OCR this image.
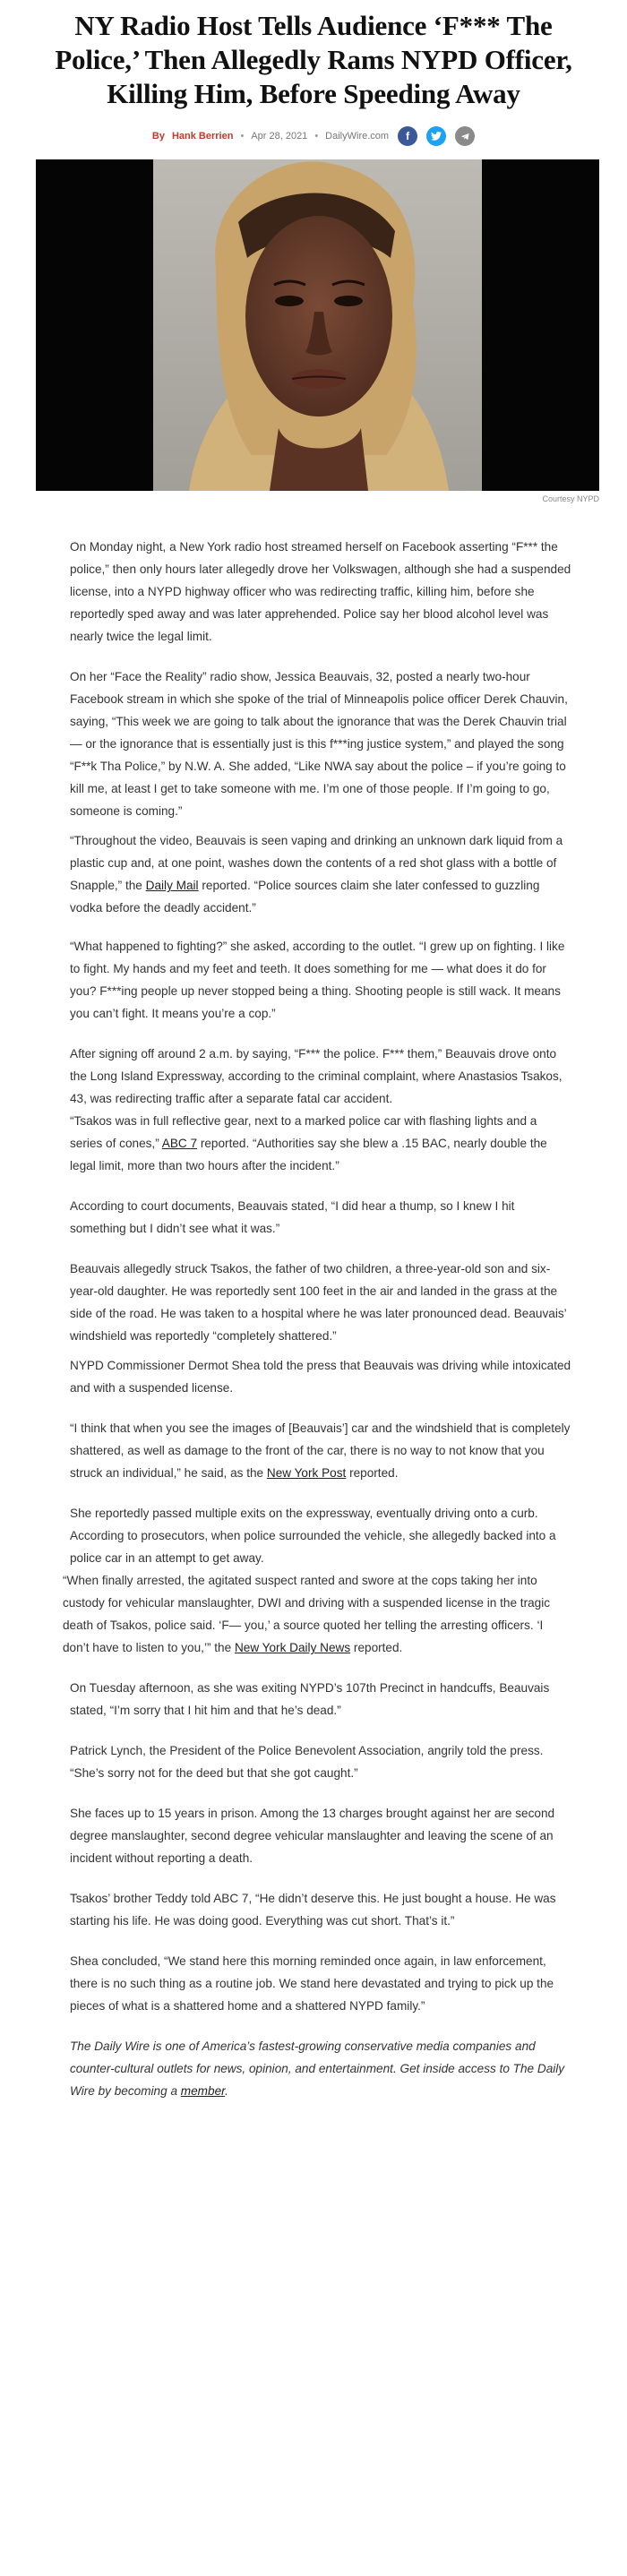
NY Radio Host Tells Audience ‘F*** The Police,’ Then Allegedly Rams NYPD Officer, Killing Him, Before Speeding Away
By Hank Berrien • Apr 28, 2021 • DailyWire.com	f
Courtesy NYPD

On Monday night, a New York radio host streamed herself on Facebook asserting “F*** the police,” then only hours later allegedly drove her Volkswagen, although she had a suspended license, into a NYPD highway officer who was redirecting traffic, killing him, before she reportedly sped away and was later apprehended. Police say her blood alcohol level was nearly twice the legal limit.

On her “Face the Reality” radio show, Jessica Beauvais, 32, posted a nearly two-hour Facebook stream in which she spoke of the trial of Minneapolis police officer Derek Chauvin, saying, “This week we are going to talk about the ignorance that was the Derek Chauvin trial — or the ignorance that is essentially just is this f***ing justice system,” and played the song “F**k Tha Police,” by N.W. A. She added, “Like NWA say about the police – if you’re going to kill me, at least I get to take someone with me. I’m one of those people. If I’m going to go, someone is coming.”

“Throughout the video, Beauvais is seen vaping and drinking an unknown dark liquid from a plastic cup and, at one point, washes down the contents of a red shot glass with a bottle of Snapple,” the Daily Mail reported. “Police sources claim she later confessed to guzzling vodka before the deadly accident.”

“What happened to fighting?” she asked, according to the outlet. “I grew up on fighting. I like to fight. My hands and my feet and teeth. It does something for me — what does it do for you? F***ing people up never stopped being a thing. Shooting people is still wack. It means you can’t fight. It means you’re a cop.”

After signing off around 2 a.m. by saying, “F*** the police. F*** them,” Beauvais drove onto the Long Island Expressway, according to the criminal complaint, where Anastasios Tsakos, 43, was redirecting traffic after a separate fatal car accident.

“Tsakos was in full reflective gear, next to a marked police car with flashing lights and a series of cones,” ABC 7 reported. “Authorities say she blew a .15 BAC, nearly double the legal limit, more than two hours after the incident.”

According to court documents, Beauvais stated, “I did hear a thump, so I knew I hit something but I didn’t see what it was.”

Beauvais allegedly struck Tsakos, the father of two children, a three-year-old son and six-year-old daughter. He was reportedly sent 100 feet in the air and landed in the grass at the side of the road. He was taken to a hospital where he was later pronounced dead. Beauvais’ windshield was reportedly “completely shattered.”

NYPD Commissioner Dermot Shea told the press that Beauvais was driving while intoxicated and with a suspended license.

“I think that when you see the images of [Beauvais’] car and the windshield that is completely shattered, as well as damage to the front of the car, there is no way to not know that you struck an individual,” he said, as the New York Post reported.

She reportedly passed multiple exits on the expressway, eventually driving onto a curb. According to prosecutors, when police surrounded the vehicle, she allegedly backed into a police car in an attempt to get away.

“When finally arrested, the agitated suspect ranted and swore at the cops taking her into custody for vehicular manslaughter, DWI and driving with a suspended license in the tragic death of Tsakos, police said. ‘F— you,’ a source quoted her telling the arresting officers. ‘I don’t have to listen to you,’” the New York Daily News reported.

On Tuesday afternoon, as she was exiting NYPD’s 107th Precinct in handcuffs, Beauvais stated, “I’m sorry that I hit him and that he’s dead.”

Patrick Lynch, the President of the Police Benevolent Association, angrily told the press. “She’s sorry not for the deed but that she got caught.”

She faces up to 15 years in prison. Among the 13 charges brought against her are second degree manslaughter, second degree vehicular manslaughter and leaving the scene of an incident without reporting a death.

Tsakos’ brother Teddy told ABC 7, “He didn’t deserve this. He just bought a house. He was starting his life. He was doing good. Everything was cut short. That’s it.”

Shea concluded, “We stand here this morning reminded once again, in law enforcement, there is no such thing as a routine job. We stand here devastated and trying to pick up the pieces of what is a shattered home and a shattered NYPD family.”

The Daily Wire is one of America’s fastest-growing conservative media companies and counter-cultural outlets for news, opinion, and entertainment. Get inside access to The Daily Wire by becoming a member.
